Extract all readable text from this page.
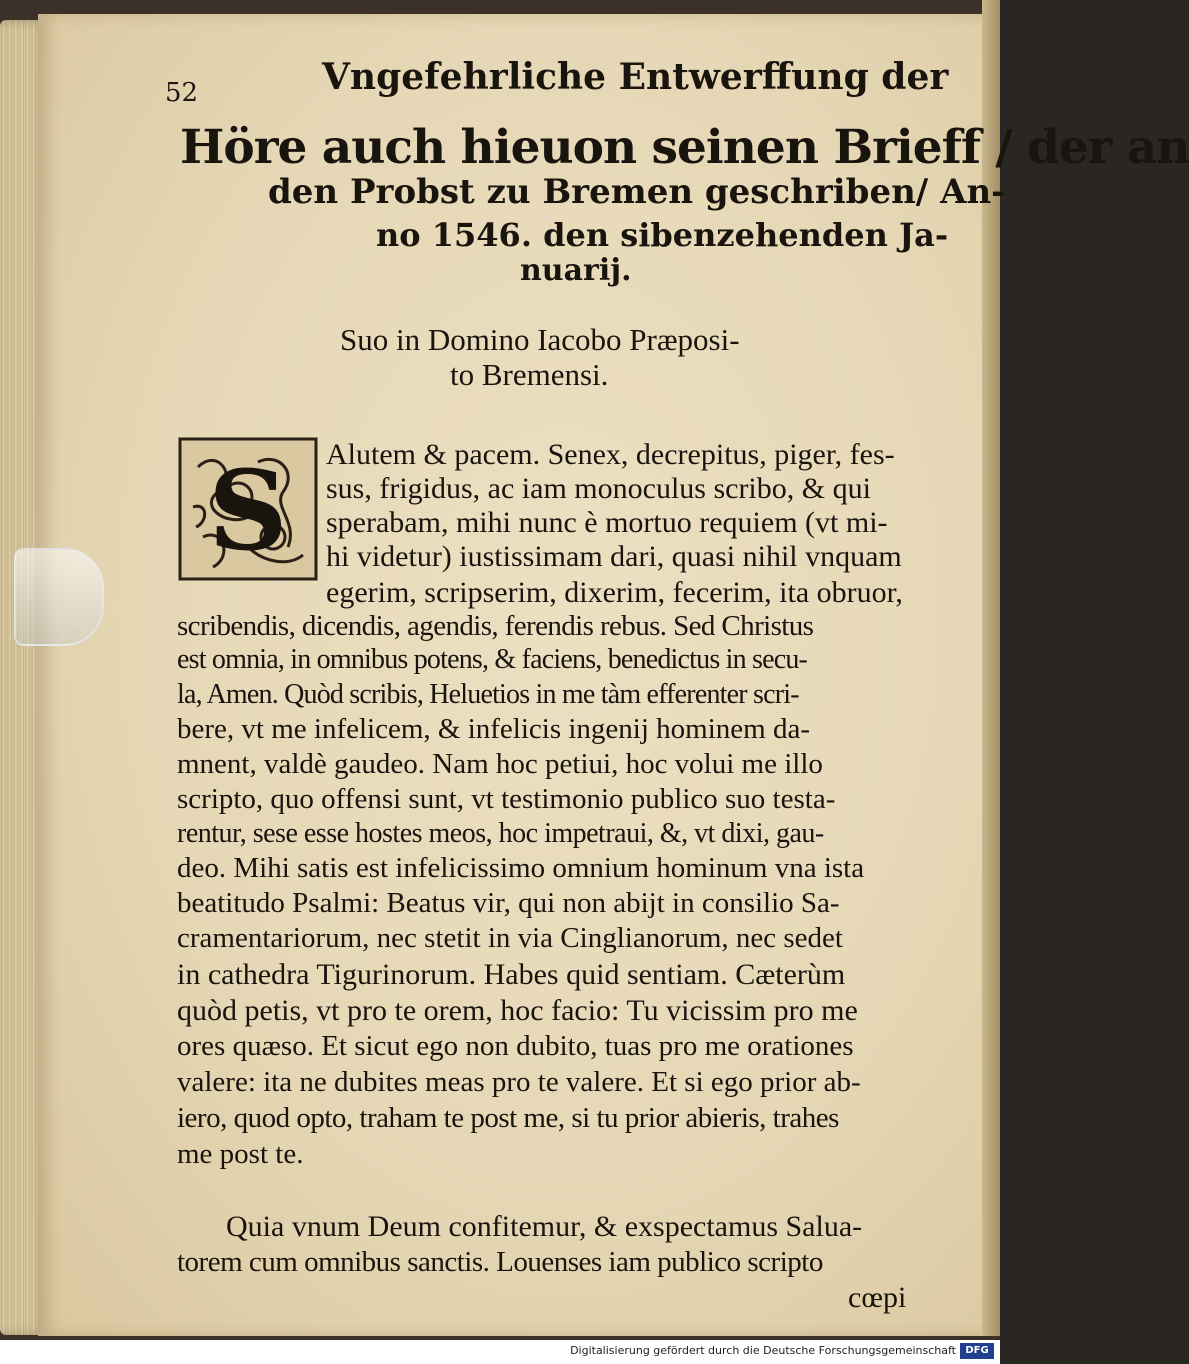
52	Vngefehrliche Entwerffung der
Höre auch hieuon seinen Brieff / der an
den Probst zu Bremen geschriben/ An-
no 1546. den sibenzehenden Ja-
nuarij.
Suo in Domino Iacobo Præposi-
to Bremensi.
S Alutem & pacem. Senex, decrepitus, piger, fes-
sus, frigidus, ac iam monoculus scribo, & qui
sperabam, mihi nunc è mortuo requiem (vt mi-
hi videtur) iustissimam dari, quasi nihil vnquam
egerim, scripserim, dixerim, fecerim, ita obruor,
scribendis, dicendis, agendis, ferendis rebus. Sed Christus
est omnia, in omnibus potens, & faciens, benedictus in secu-
la, Amen. Quòd scribis, Heluetios in me tàm efferenter scri-
bere, vt me infelicem, & infelicis ingenij hominem da-
mnent, valdè gaudeo. Nam hoc petiui, hoc volui me illo
scripto, quo offensi sunt, vt testimonio publico suo testa-
rentur, sese esse hostes meos, hoc impetraui, &, vt dixi, gau-
deo. Mihi satis est infelicissimo omnium hominum vna ista
beatitudo Psalmi: Beatus vir, qui non abijt in consilio Sa-
cramentariorum, nec stetit in via Cinglianorum, nec sedet
in cathedra Tigurinorum. Habes quid sentiam. Cæterùm
quòd petis, vt pro te orem, hoc facio: Tu vicissim pro me
ores quæso. Et sicut ego non dubito, tuas pro me orationes
valere: ita ne dubites meas pro te valere. Et si ego prior ab-
iero, quod opto, traham te post me, si tu prior abieris, trahes
me post te.
Quia vnum Deum confitemur, & exspectamus Salua-
torem cum omnibus sanctis. Louenses iam publico scripto
cœpi
Digitalisierung gefördert durch die Deutsche Forschungsgemeinschaft DFG
